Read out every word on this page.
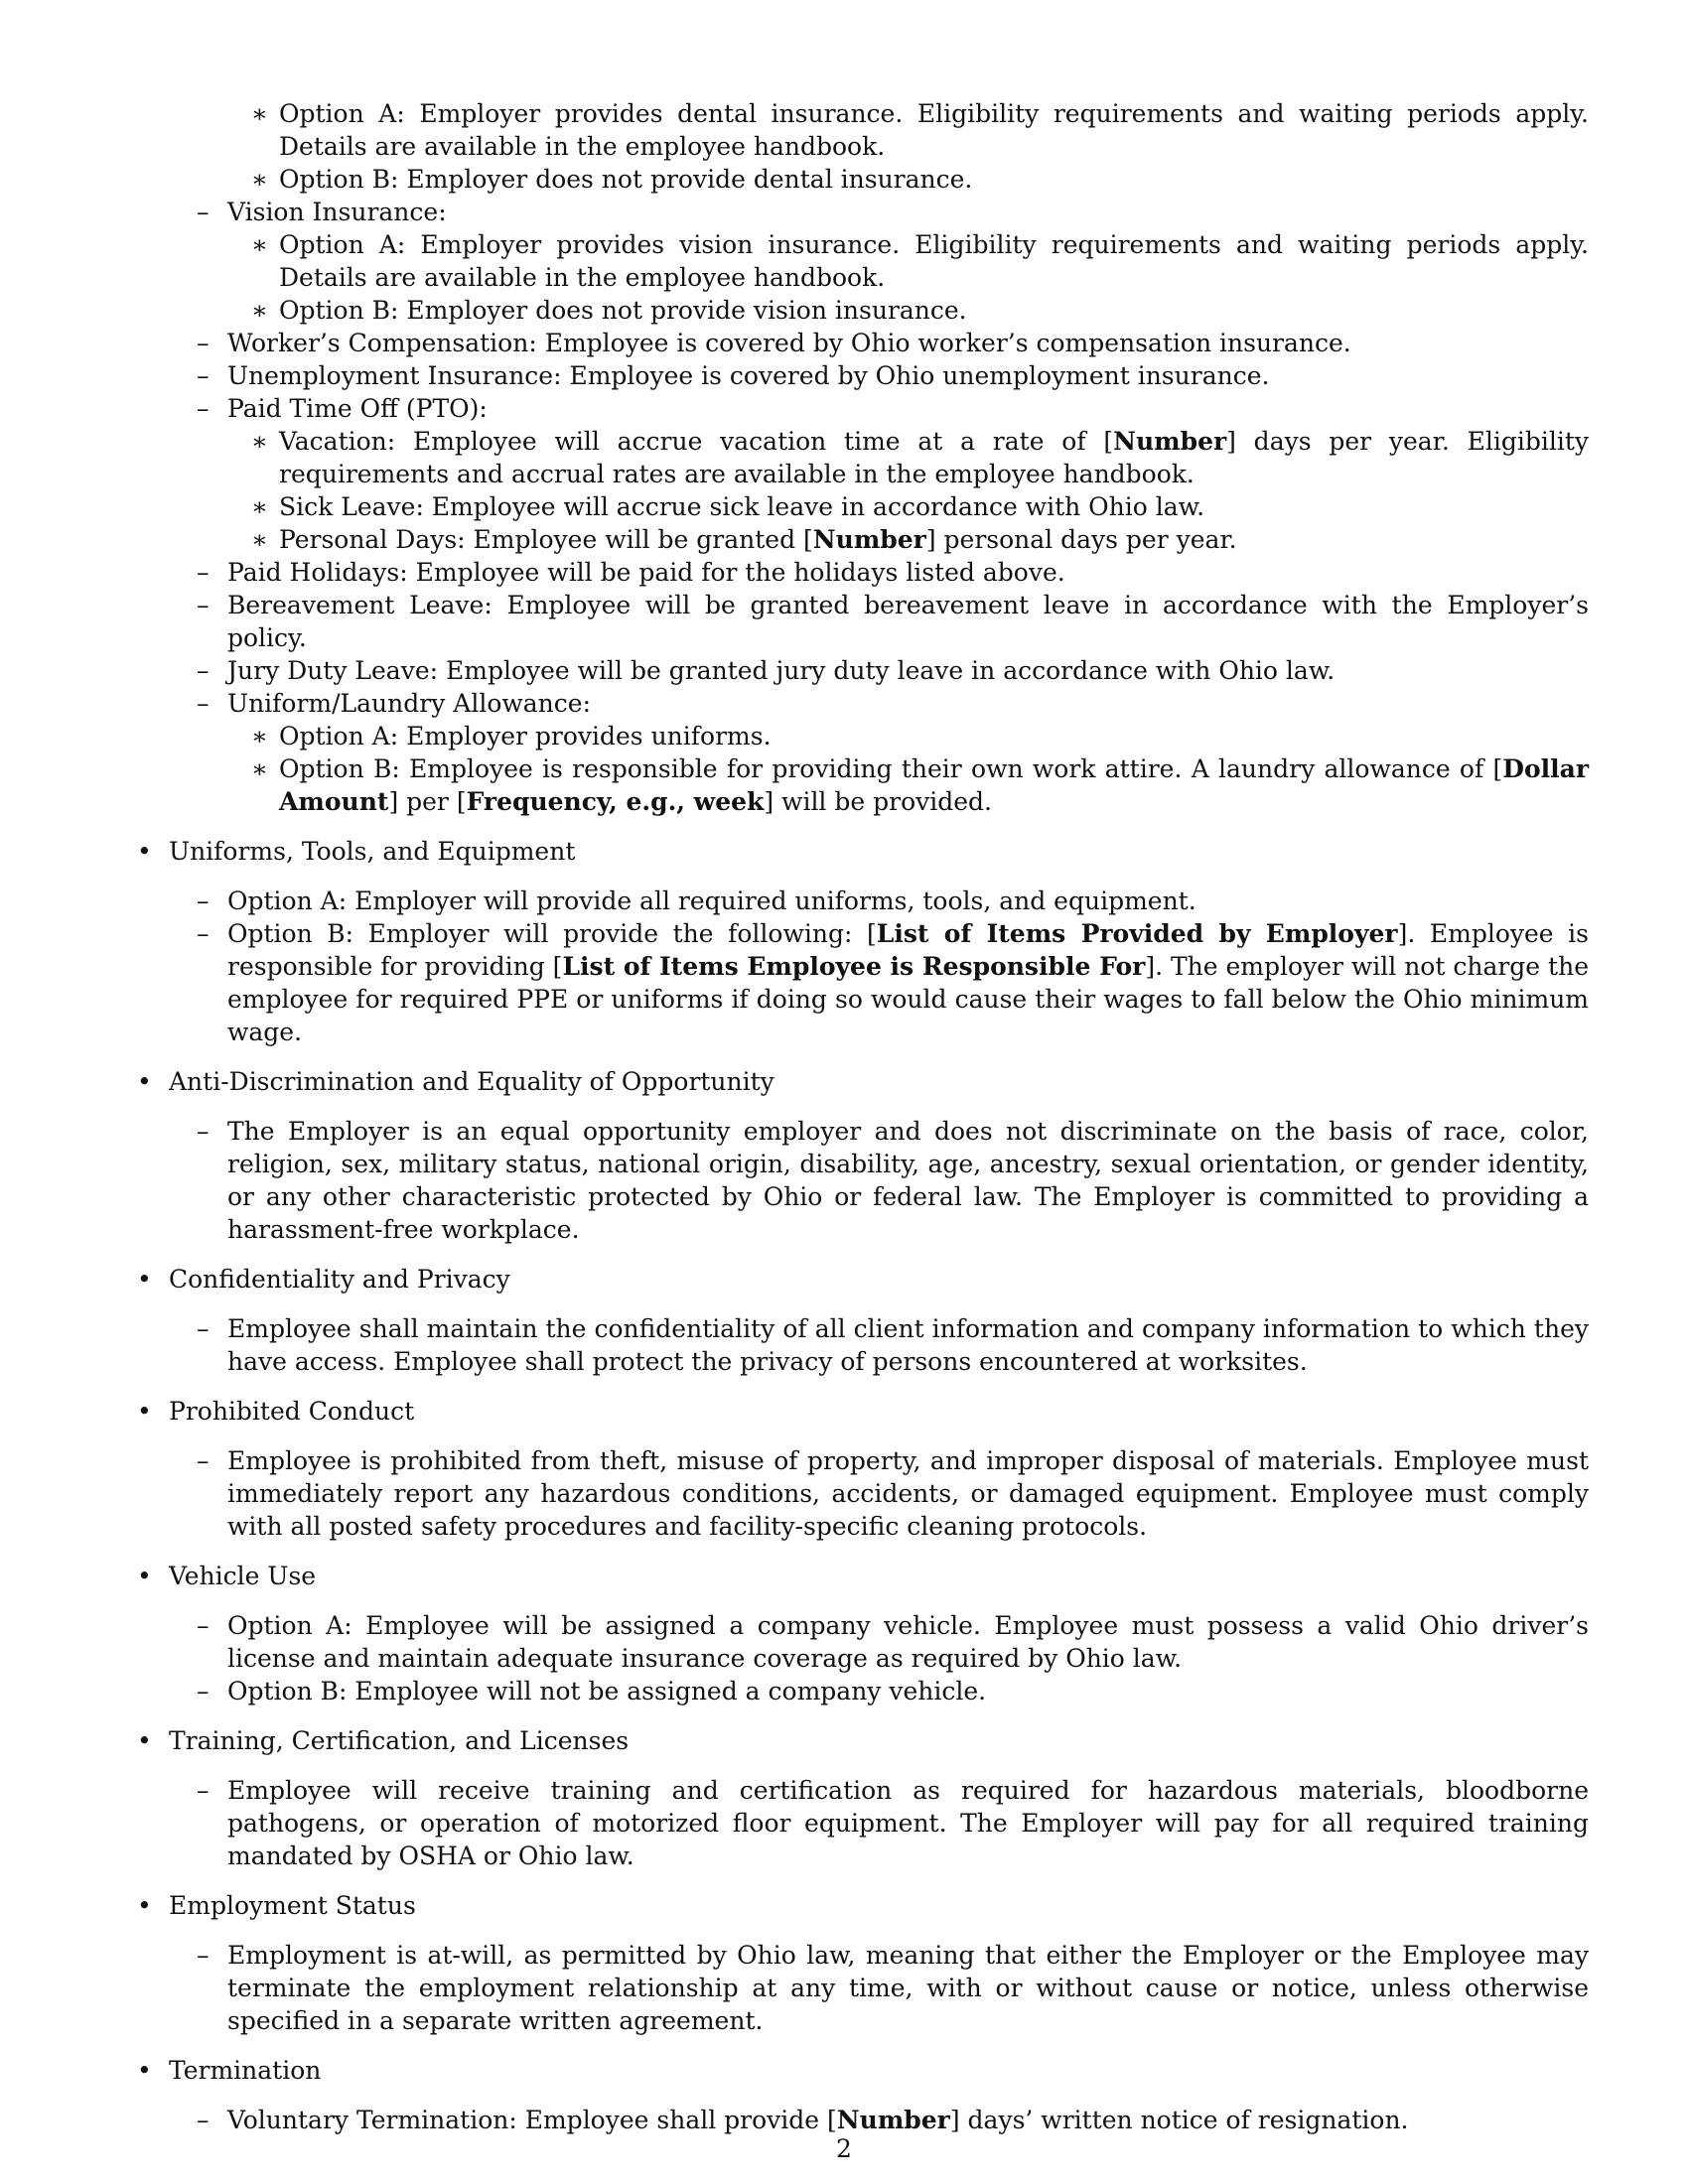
∗ Option A: Employer provides dental insurance. Eligibility requirements and waiting periods apply. Details are available in the employee handbook.
∗ Option B: Employer does not provide dental insurance.
– Vision Insurance:
∗ Option A: Employer provides vision insurance. Eligibility requirements and waiting periods apply. Details are available in the employee handbook.
∗ Option B: Employer does not provide vision insurance.
– Worker’s Compensation: Employee is covered by Ohio worker’s compensation insurance.
– Unemployment Insurance: Employee is covered by Ohio unemployment insurance.
– Paid Time Off (PTO):
∗ Vacation: Employee will accrue vacation time at a rate of [Number] days per year. Eligibility requirements and accrual rates are available in the employee handbook.
∗ Sick Leave: Employee will accrue sick leave in accordance with Ohio law.
∗ Personal Days: Employee will be granted [Number] personal days per year.
– Paid Holidays: Employee will be paid for the holidays listed above.
– Bereavement Leave: Employee will be granted bereavement leave in accordance with the Employer’s policy.
– Jury Duty Leave: Employee will be granted jury duty leave in accordance with Ohio law.
– Uniform/Laundry Allowance:
∗ Option A: Employer provides uniforms.
∗ Option B: Employee is responsible for providing their own work attire. A laundry allowance of [Dollar Amount] per [Frequency, e.g., week] will be provided.
• Uniforms, Tools, and Equipment
– Option A: Employer will provide all required uniforms, tools, and equipment.
– Option B: Employer will provide the following: [List of Items Provided by Employer]. Employee is responsible for providing [List of Items Employee is Responsible For]. The employer will not charge the employee for required PPE or uniforms if doing so would cause their wages to fall below the Ohio minimum wage.
• Anti-Discrimination and Equality of Opportunity
– The Employer is an equal opportunity employer and does not discriminate on the basis of race, color, religion, sex, military status, national origin, disability, age, ancestry, sexual orientation, or gender identity, or any other characteristic protected by Ohio or federal law. The Employer is committed to providing a harassment-free workplace.
• Confidentiality and Privacy
– Employee shall maintain the confidentiality of all client information and company information to which they have access. Employee shall protect the privacy of persons encountered at worksites.
• Prohibited Conduct
– Employee is prohibited from theft, misuse of property, and improper disposal of materials. Employee must immediately report any hazardous conditions, accidents, or damaged equipment. Employee must comply with all posted safety procedures and facility-specific cleaning protocols.
• Vehicle Use
– Option A: Employee will be assigned a company vehicle. Employee must possess a valid Ohio driver’s license and maintain adequate insurance coverage as required by Ohio law.
– Option B: Employee will not be assigned a company vehicle.
• Training, Certification, and Licenses
– Employee will receive training and certification as required for hazardous materials, bloodborne pathogens, or operation of motorized floor equipment. The Employer will pay for all required training mandated by OSHA or Ohio law.
• Employment Status
– Employment is at-will, as permitted by Ohio law, meaning that either the Employer or the Employee may terminate the employment relationship at any time, with or without cause or notice, unless otherwise specified in a separate written agreement.
• Termination
– Voluntary Termination: Employee shall provide [Number] days’ written notice of resignation.
2
